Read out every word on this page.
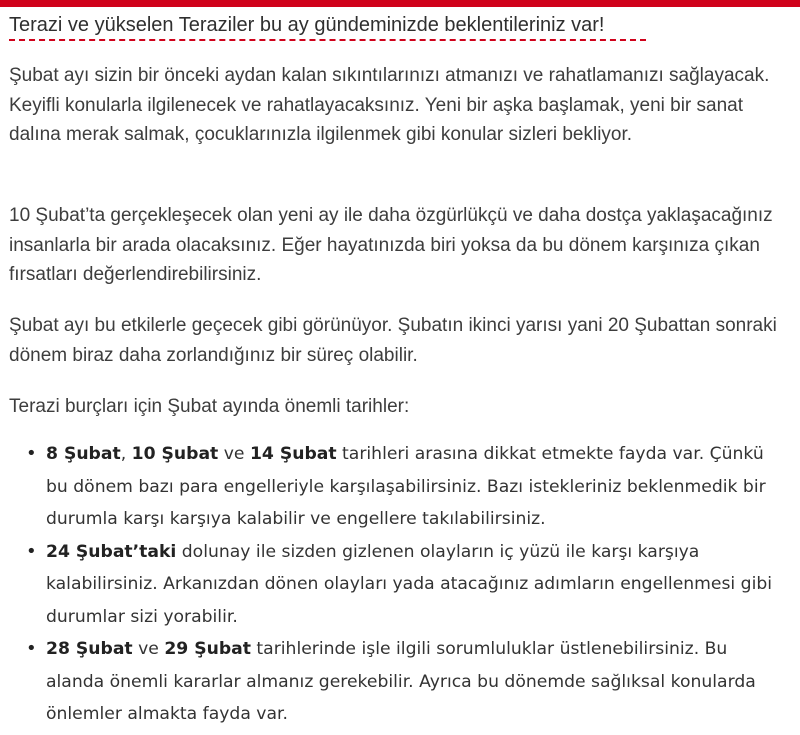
Terazi ve yükselen Teraziler bu ay gündeminizde beklentileriniz var!

Şubat ayı sizin bir önceki aydan kalan sıkıntılarınızı atmanızı ve rahatlamanızı sağlayacak. Keyifli konularla ilgilenecek ve rahatlayacaksınız. Yeni bir aşka başlamak, yeni bir sanat dalına merak salmak, çocuklarınızla ilgilenmek gibi konular sizleri bekliyor.

10 Şubat’ta gerçekleşecek olan yeni ay ile daha özgürlükçü ve daha dostça yaklaşacağınız insanlarla bir arada olacaksınız. Eğer hayatınızda biri yoksa da bu dönem karşınıza çıkan fırsatları değerlendirebilirsiniz.

Şubat ayı bu etkilerle geçecek gibi görünüyor. Şubatın ikinci yarısı yani 20 Şubattan sonraki dönem biraz daha zorlandığınız bir süreç olabilir.

Terazi burçları için Şubat ayında önemli tarihler:

• 8 Şubat, 10 Şubat ve 14 Şubat tarihleri arasına dikkat etmekte fayda var. Çünkü bu dönem bazı para engelleriyle karşılaşabilirsiniz. Bazı istekleriniz beklenmedik bir durumla karşı karşıya kalabilir ve engellere takılabilirsiniz.
• 24 Şubat’taki dolunay ile sizden gizlenen olayların iç yüzü ile karşı karşıya kalabilirsiniz. Arkanızdan dönen olayları yada atacağınız adımların engellenmesi gibi durumlar sizi yorabilir.
• 28 Şubat ve 29 Şubat tarihlerinde işle ilgili sorumluluklar üstlenebilirsiniz. Bu alanda önemli kararlar almanız gerekebilir. Ayrıca bu dönemde sağlıksal konularda önlemler almakta fayda var.
